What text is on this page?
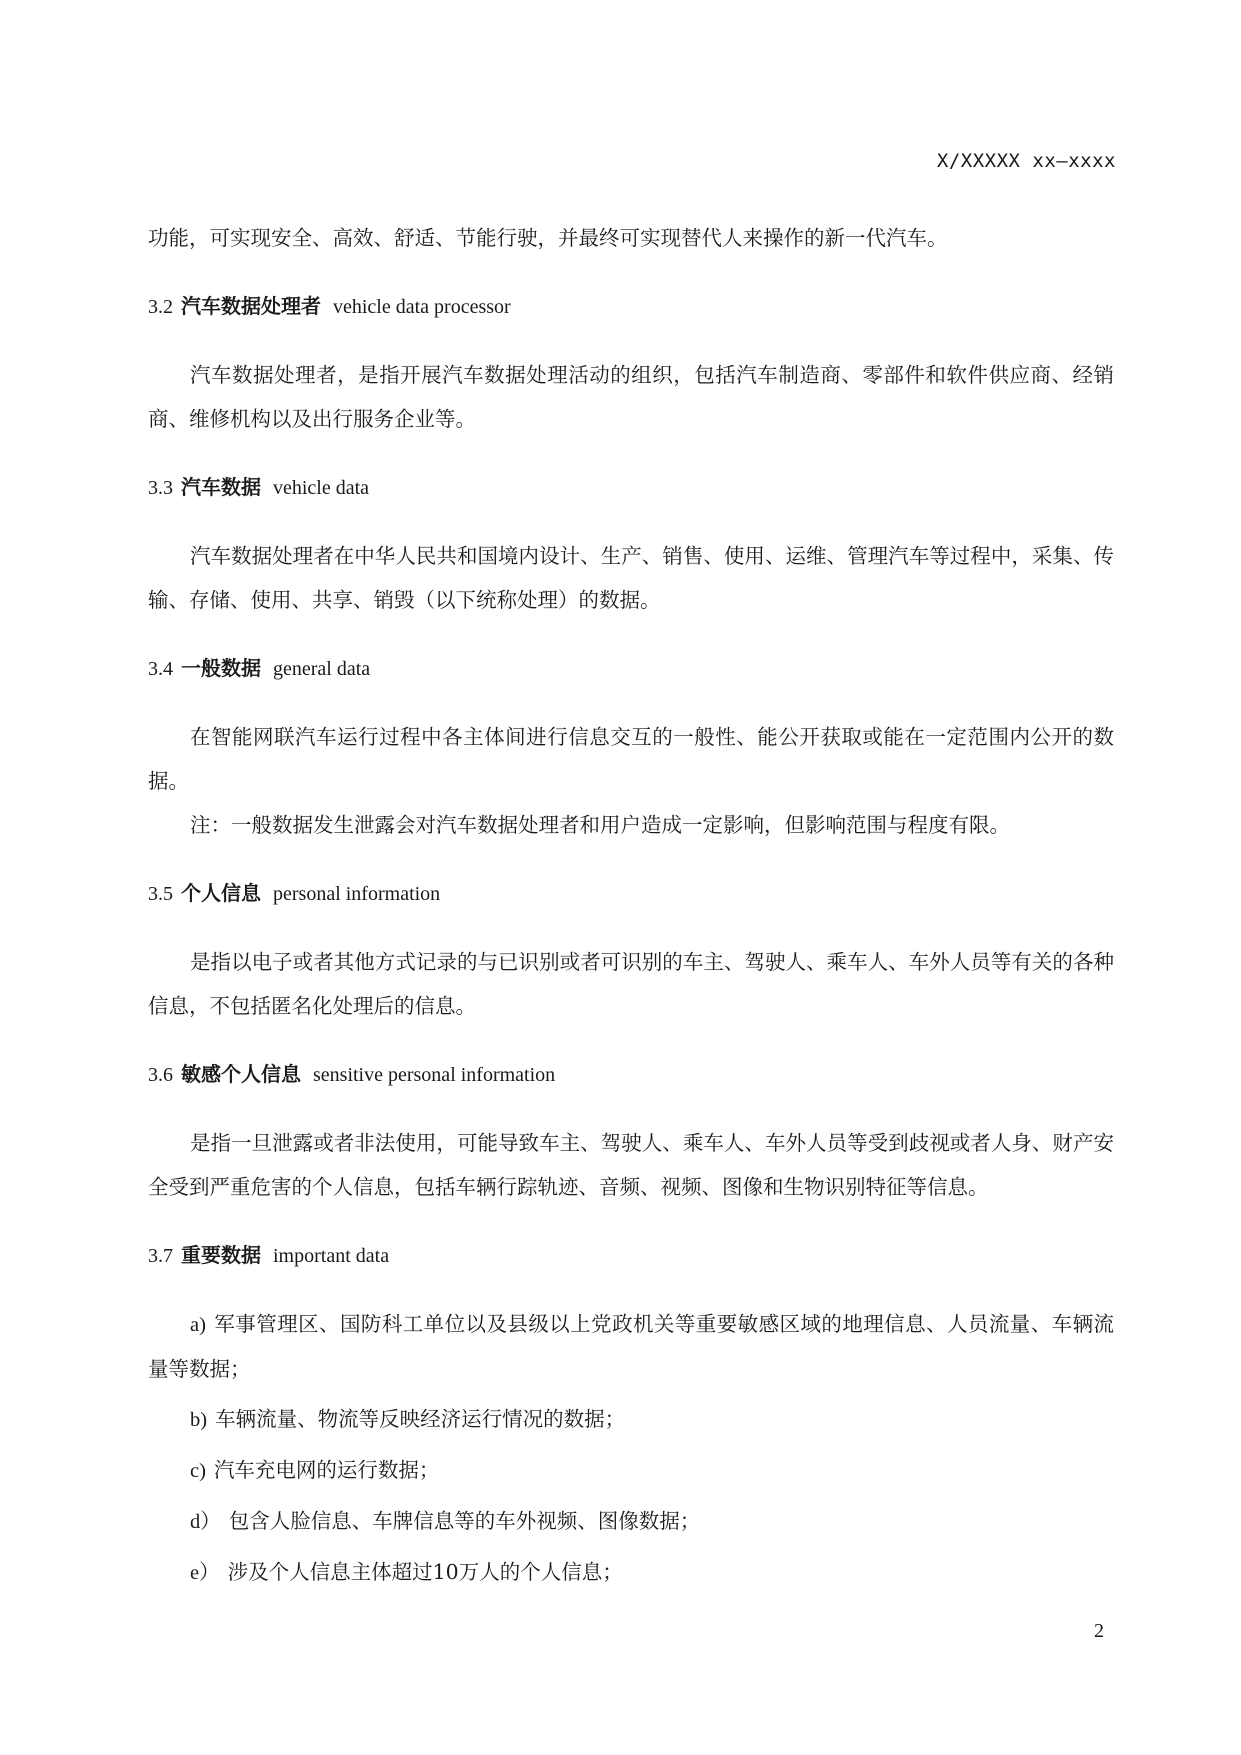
X/XXXXX xx—xxxx

功能，可实现安全、高效、舒适、节能行驶，并最终可实现替代人来操作的新一代汽车。

3.2 汽车数据处理者 vehicle data processor

汽车数据处理者，是指开展汽车数据处理活动的组织，包括汽车制造商、零部件和软件供应商、经销商、维修机构以及出行服务企业等。

3.3 汽车数据 vehicle data

汽车数据处理者在中华人民共和国境内设计、生产、销售、使用、运维、管理汽车等过程中，采集、传输、存储、使用、共享、销毁（以下统称处理）的数据。

3.4 一般数据 general data

在智能网联汽车运行过程中各主体间进行信息交互的一般性、能公开获取或能在一定范围内公开的数据。

注：一般数据发生泄露会对汽车数据处理者和用户造成一定影响，但影响范围与程度有限。

3.5 个人信息 personal information

是指以电子或者其他方式记录的与已识别或者可识别的车主、驾驶人、乘车人、车外人员等有关的各种信息，不包括匿名化处理后的信息。

3.6 敏感个人信息 sensitive personal information

是指一旦泄露或者非法使用，可能导致车主、驾驶人、乘车人、车外人员等受到歧视或者人身、财产安全受到严重危害的个人信息，包括车辆行踪轨迹、音频、视频、图像和生物识别特征等信息。

3.7 重要数据 important data

a) 军事管理区、国防科工单位以及县级以上党政机关等重要敏感区域的地理信息、人员流量、车辆流量等数据；

b) 车辆流量、物流等反映经济运行情况的数据；

c) 汽车充电网的运行数据；

d） 包含人脸信息、车牌信息等的车外视频、图像数据；

e） 涉及个人信息主体超过10万人的个人信息；

2
